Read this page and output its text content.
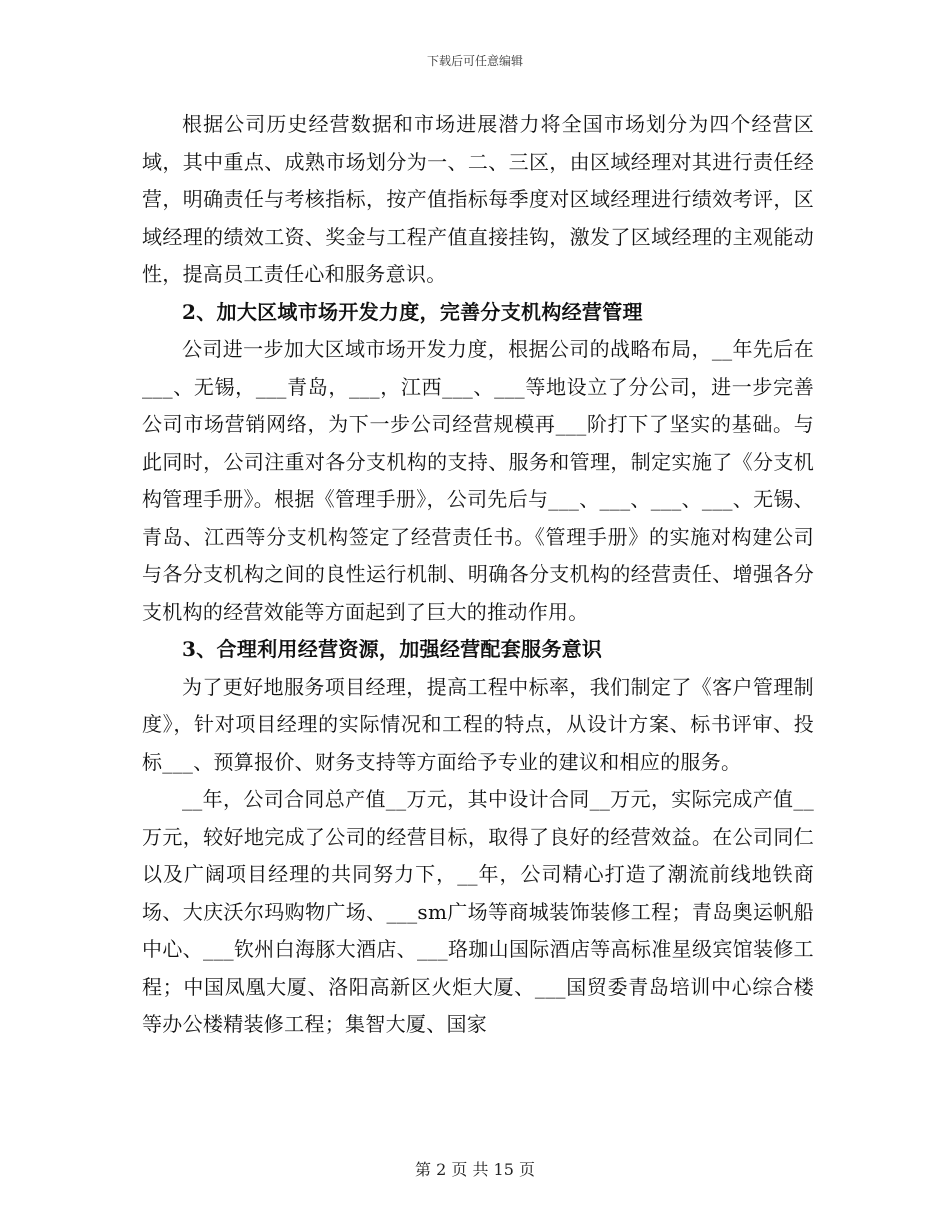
下载后可任意编辑

根据公司历史经营数据和市场进展潜力将全国市场划分为四个经营区域，其中重点、成熟市场划分为一、二、三区，由区域经理对其进行责任经营，明确责任与考核指标，按产值指标每季度对区域经理进行绩效考评，区域经理的绩效工资、奖金与工程产值直接挂钩，激发了区域经理的主观能动性，提高员工责任心和服务意识。

2、加大区域市场开发力度，完善分支机构经营管理

公司进一步加大区域市场开发力度，根据公司的战略布局，__年先后在___、无锡，___青岛，___，江西___、___等地设立了分公司，进一步完善公司市场营销网络，为下一步公司经营规模再___阶打下了坚实的基础。与此同时，公司注重对各分支机构的支持、服务和管理，制定实施了《分支机构管理手册》。根据《管理手册》，公司先后与___、___、___、___、无锡、青岛、江西等分支机构签定了经营责任书。《管理手册》的实施对构建公司与各分支机构之间的良性运行机制、明确各分支机构的经营责任、增强各分支机构的经营效能等方面起到了巨大的推动作用。

3、合理利用经营资源，加强经营配套服务意识

为了更好地服务项目经理，提高工程中标率，我们制定了《客户管理制度》，针对项目经理的实际情况和工程的特点，从设计方案、标书评审、投标___、预算报价、财务支持等方面给予专业的建议和相应的服务。

__年，公司合同总产值__万元，其中设计合同__万元，实际完成产值__万元，较好地完成了公司的经营目标，取得了良好的经营效益。在公司同仁以及广阔项目经理的共同努力下，__年，公司精心打造了潮流前线地铁商场、大庆沃尔玛购物广场、___sm广场等商城装饰装修工程；青岛奥运帆船中心、___钦州白海豚大酒店、___珞珈山国际酒店等高标准星级宾馆装修工程；中国凤凰大厦、洛阳高新区火炬大厦、___国贸委青岛培训中心综合楼等办公楼精装修工程；集智大厦、国家

第 2 页 共 15 页
